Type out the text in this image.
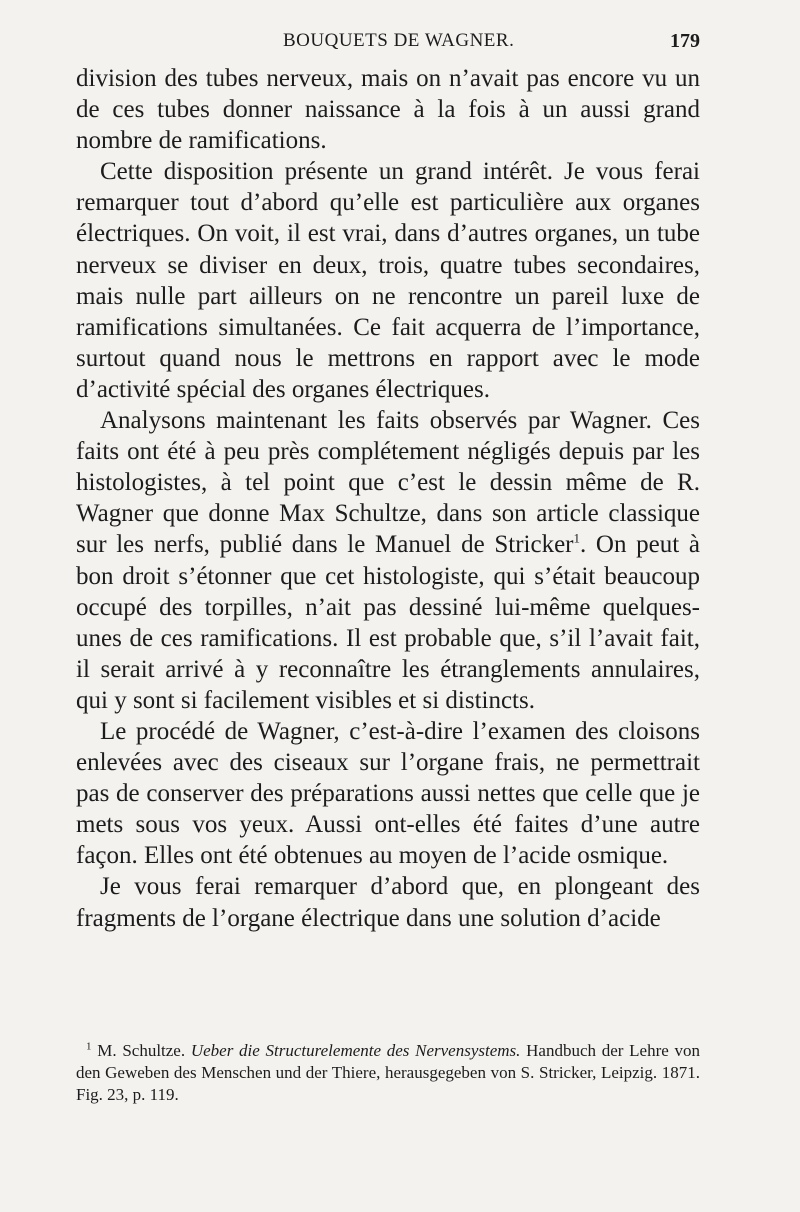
BOUQUETS DE WAGNER.	179

division des tubes nerveux, mais on n’avait pas encore vu un de ces tubes donner naissance à la fois à un aussi grand nombre de ramifications.

Cette disposition présente un grand intérêt. Je vous ferai remarquer tout d’abord qu’elle est particulière aux organes électriques. On voit, il est vrai, dans d’autres organes, un tube nerveux se diviser en deux, trois, quatre tubes secondaires, mais nulle part ailleurs on ne rencontre un pareil luxe de ramifications simultanées. Ce fait acquerra de l’importance, surtout quand nous le mettrons en rapport avec le mode d’activité spécial des organes électriques.

Analysons maintenant les faits observés par Wagner. Ces faits ont été à peu près complétement négligés depuis par les histologistes, à tel point que c’est le dessin même de R. Wagner que donne Max Schultze, dans son article classique sur les nerfs, publié dans le Manuel de Stricker$^1$. On peut à bon droit s’étonner que cet histologiste, qui s’était beaucoup occupé des torpilles, n’ait pas dessiné lui-même quelques-unes de ces ramifications. Il est probable que, s’il l’avait fait, il serait arrivé à y reconnaître les étranglements annulaires, qui y sont si facilement visibles et si distincts.

Le procédé de Wagner, c’est-à-dire l’examen des cloisons enlevées avec des ciseaux sur l’organe frais, ne permettrait pas de conserver des préparations aussi nettes que celle que je mets sous vos yeux. Aussi ont-elles été faites d’une autre façon. Elles ont été obtenues au moyen de l’acide osmique.

Je vous ferai remarquer d’abord que, en plongeant des fragments de l’organe électrique dans une solution d’acide

$^1$ M. Schultze. Ueber die Structurelemente des Nervensystems. Handbuch der Lehre von den Geweben des Menschen und der Thiere, herausgegeben von S. Stricker, Leipzig. 1871. Fig. 23, p. 119.
